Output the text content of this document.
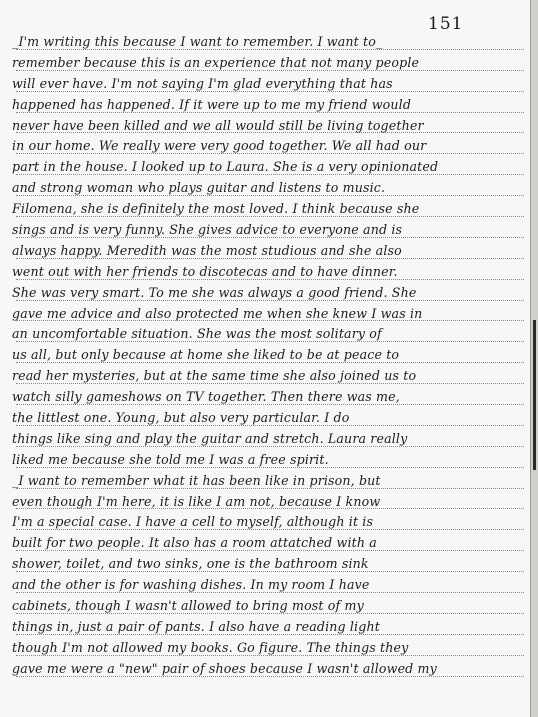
151
_I'm writing this because I want to remember. I want to_
remember because this is an experience that not many people
will ever have. I'm not saying I'm glad everything that has
happened has happened. If it were up to me my friend would
never have been killed and we all would still be living together
in our home. We really were very good together. We all had our
part in the house. I looked up to Laura. She is a very opinionated
and strong woman who plays guitar and listens to music.
Filomena, she is definitely the most loved. I think because she
sings and is very funny. She gives advice to everyone and is
always happy. Meredith was the most studious and she also
went out with her friends to discotecas and to have dinner.
She was very smart. To me she was always a good friend. She
gave me advice and also protected me when she knew I was in
an uncomfortable situation. She was the most solitary of
us all, but only because at home she liked to be at peace to
read her mysteries, but at the same time she also joined us to
watch silly gameshows on TV together. Then there was me,
the littlest one. Young, but also very particular. I do
things like sing and play the guitar and stretch. Laura really
liked me because she told me I was a free spirit.
_I want to remember what it has been like in prison, but
even though I'm here, it is like I am not, because I know
I'm a special case. I have a cell to myself, although it is
built for two people. It also has a room attatched with a
shower, toilet, and two sinks, one is the bathroom sink
and the other is for washing dishes. In my room I have
cabinets, though I wasn't allowed to bring most of my
things in, just a pair of pants. I also have a reading light
though I'm not allowed my books. Go figure. The things they
gave me were a "new" pair of shoes because I wasn't allowed my
